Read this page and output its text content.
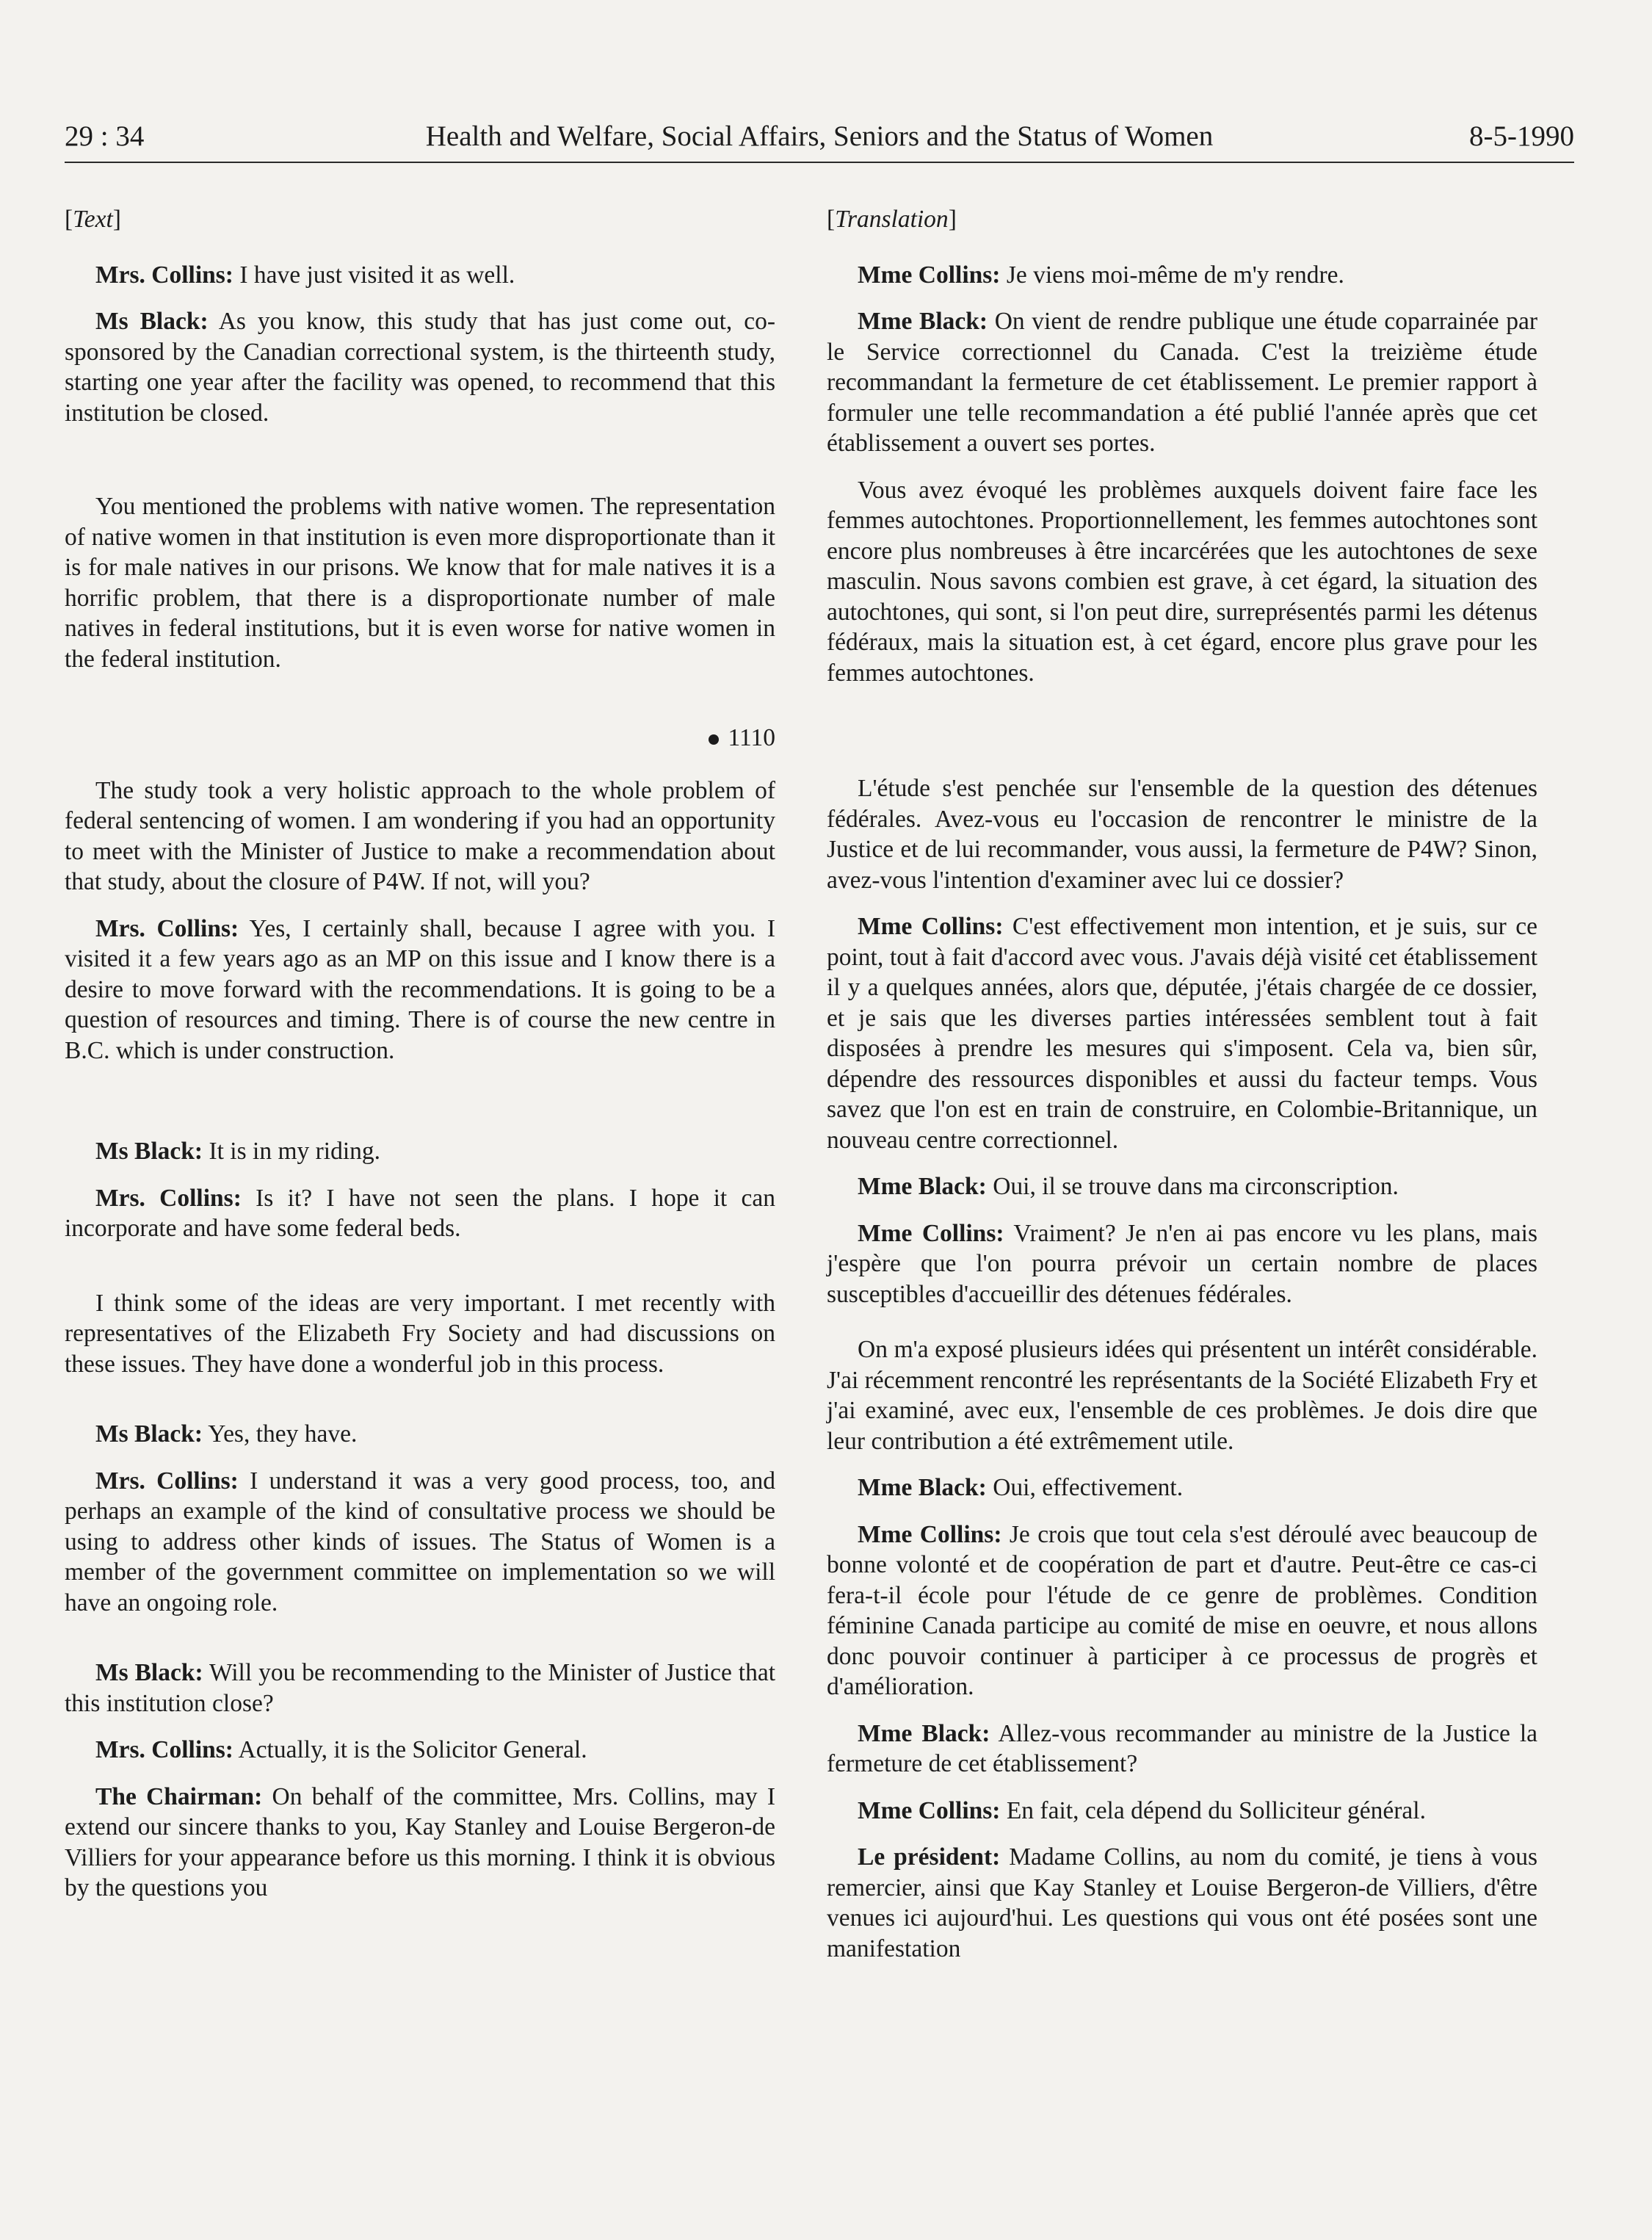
29 : 34	Health and Welfare, Social Affairs, Seniors and the Status of Women	8-5-1990

[Text]

Mrs. Collins: I have just visited it as well.

Ms Black: As you know, this study that has just come out, co-sponsored by the Canadian correctional system, is the thirteenth study, starting one year after the facility was opened, to recommend that this institution be closed.

You mentioned the problems with native women. The representation of native women in that institution is even more disproportionate than it is for male natives in our prisons. We know that for male natives it is a horrific problem, that there is a disproportionate number of male natives in federal institutions, but it is even worse for native women in the federal institution.

1110

The study took a very holistic approach to the whole problem of federal sentencing of women. I am wondering if you had an opportunity to meet with the Minister of Justice to make a recommendation about that study, about the closure of P4W. If not, will you?

Mrs. Collins: Yes, I certainly shall, because I agree with you. I visited it a few years ago as an MP on this issue and I know there is a desire to move forward with the recommendations. It is going to be a question of resources and timing. There is of course the new centre in B.C. which is under construction.

Ms Black: It is in my riding.

Mrs. Collins: Is it? I have not seen the plans. I hope it can incorporate and have some federal beds.

I think some of the ideas are very important. I met recently with representatives of the Elizabeth Fry Society and had discussions on these issues. They have done a wonderful job in this process.

Ms Black: Yes, they have.

Mrs. Collins: I understand it was a very good process, too, and perhaps an example of the kind of consultative process we should be using to address other kinds of issues. The Status of Women is a member of the government committee on implementation so we will have an ongoing role.

Ms Black: Will you be recommending to the Minister of Justice that this institution close?

Mrs. Collins: Actually, it is the Solicitor General.

The Chairman: On behalf of the committee, Mrs. Collins, may I extend our sincere thanks to you, Kay Stanley and Louise Bergeron-de Villiers for your appearance before us this morning. I think it is obvious by the questions you

[Translation]

Mme Collins: Je viens moi-même de m'y rendre.

Mme Black: On vient de rendre publique une étude coparrainée par le Service correctionnel du Canada. C'est la treizième étude recommandant la fermeture de cet établissement. Le premier rapport à formuler une telle recommandation a été publié l'année après que cet établissement a ouvert ses portes.

Vous avez évoqué les problèmes auxquels doivent faire face les femmes autochtones. Proportionnellement, les femmes autochtones sont encore plus nombreuses à être incarcérées que les autochtones de sexe masculin. Nous savons combien est grave, à cet égard, la situation des autochtones, qui sont, si l'on peut dire, surreprésentés parmi les détenus fédéraux, mais la situation est, à cet égard, encore plus grave pour les femmes autochtones.

L'étude s'est penchée sur l'ensemble de la question des détenues fédérales. Avez-vous eu l'occasion de rencontrer le ministre de la Justice et de lui recommander, vous aussi, la fermeture de P4W? Sinon, avez-vous l'intention d'examiner avec lui ce dossier?

Mme Collins: C'est effectivement mon intention, et je suis, sur ce point, tout à fait d'accord avec vous. J'avais déjà visité cet établissement il y a quelques années, alors que, députée, j'étais chargée de ce dossier, et je sais que les diverses parties intéressées semblent tout à fait disposées à prendre les mesures qui s'imposent. Cela va, bien sûr, dépendre des ressources disponibles et aussi du facteur temps. Vous savez que l'on est en train de construire, en Colombie-Britannique, un nouveau centre correctionnel.

Mme Black: Oui, il se trouve dans ma circonscription.

Mme Collins: Vraiment? Je n'en ai pas encore vu les plans, mais j'espère que l'on pourra prévoir un certain nombre de places susceptibles d'accueillir des détenues fédérales.

On m'a exposé plusieurs idées qui présentent un intérêt considérable. J'ai récemment rencontré les représentants de la Société Elizabeth Fry et j'ai examiné, avec eux, l'ensemble de ces problèmes. Je dois dire que leur contribution a été extrêmement utile.

Mme Black: Oui, effectivement.

Mme Collins: Je crois que tout cela s'est déroulé avec beaucoup de bonne volonté et de coopération de part et d'autre. Peut-être ce cas-ci fera-t-il école pour l'étude de ce genre de problèmes. Condition féminine Canada participe au comité de mise en oeuvre, et nous allons donc pouvoir continuer à participer à ce processus de progrès et d'amélioration.

Mme Black: Allez-vous recommander au ministre de la Justice la fermeture de cet établissement?

Mme Collins: En fait, cela dépend du Solliciteur général.

Le président: Madame Collins, au nom du comité, je tiens à vous remercier, ainsi que Kay Stanley et Louise Bergeron-de Villiers, d'être venues ici aujourd'hui. Les questions qui vous ont été posées sont une manifestation
